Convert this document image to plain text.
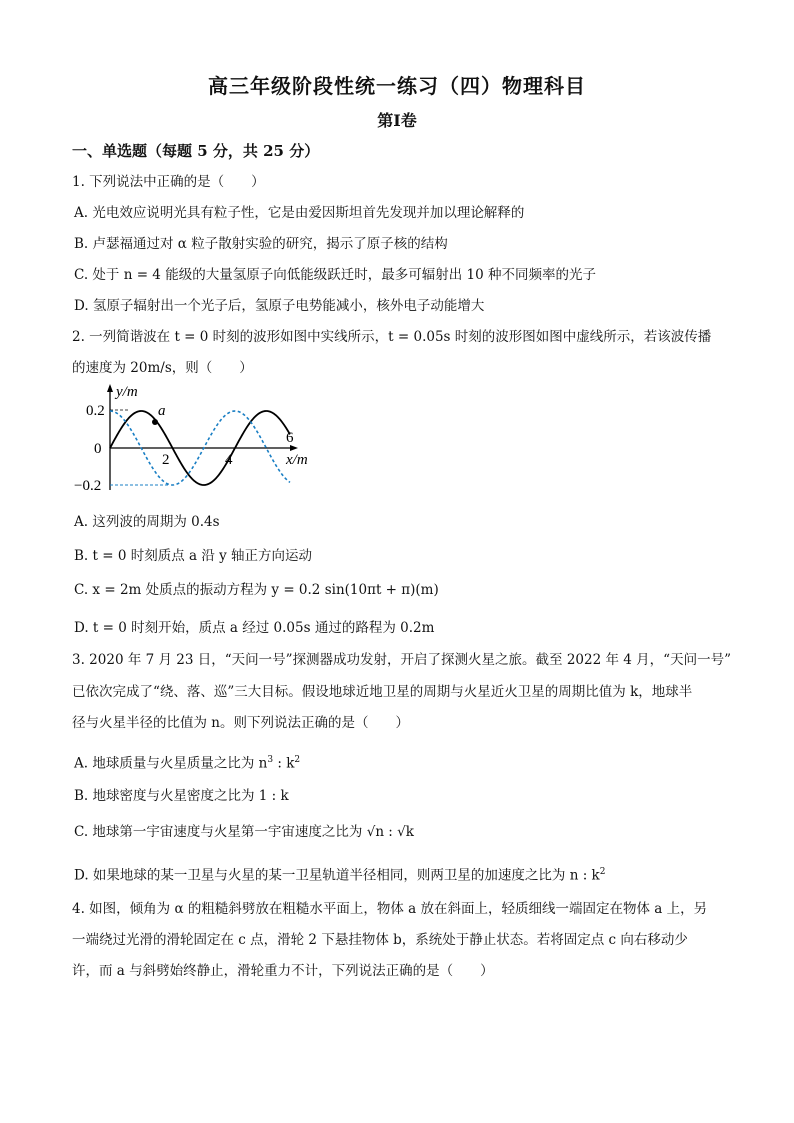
高三年级阶段性统一练习（四）物理科目
第Ⅰ卷
一、单选题（每题 5 分，共 25 分）
1. 下列说法中正确的是（　　）
A. 光电效应说明光具有粒子性，它是由爱因斯坦首先发现并加以理论解释的
B. 卢瑟福通过对 α 粒子散射实验的研究，揭示了原子核的结构
C. 处于 n = 4 能级的大量氢原子向低能级跃迁时，最多可辐射出 10 种不同频率的光子
D. 氢原子辐射出一个光子后，氢原子电势能减小，核外电子动能增大
2. 一列简谐波在 t = 0 时刻的波形如图中实线所示，t = 0.05s 时刻的波形图如图中虚线所示，若该波传播
的速度为 20m/s，则（　　）
y/m
0.2
0
−0.2
a
2	4
6
x/m
A. 这列波的周期为 0.4s
B. t = 0 时刻质点 a 沿 y 轴正方向运动
C. x = 2m 处质点的振动方程为 y = 0.2 sin(10πt + π)(m)
D. t = 0 时刻开始，质点 a 经过 0.05s 通过的路程为 0.2m
3. 2020 年 7 月 23 日，“天问一号”探测器成功发射，开启了探测火星之旅。截至 2022 年 4 月，“天问一号”
已依次完成了“绕、落、巡”三大目标。假设地球近地卫星的周期与火星近火卫星的周期比值为 k，地球半
径与火星半径的比值为 n。则下列说法正确的是（　　）
A. 地球质量与火星质量之比为 $n^3$ : $k^2$
B. 地球密度与火星密度之比为 1 : k
C. 地球第一宇宙速度与火星第一宇宙速度之比为 √n : √k
D. 如果地球的某一卫星与火星的某一卫星轨道半径相同，则两卫星的加速度之比为 n : $k^2$
4. 如图，倾角为 α 的粗糙斜劈放在粗糙水平面上，物体 a 放在斜面上，轻质细线一端固定在物体 a 上，另
一端绕过光滑的滑轮固定在 c 点，滑轮 2 下悬挂物体 b，系统处于静止状态。若将固定点 c 向右移动少
许，而 a 与斜劈始终静止，滑轮重力不计，下列说法正确的是（　　）
